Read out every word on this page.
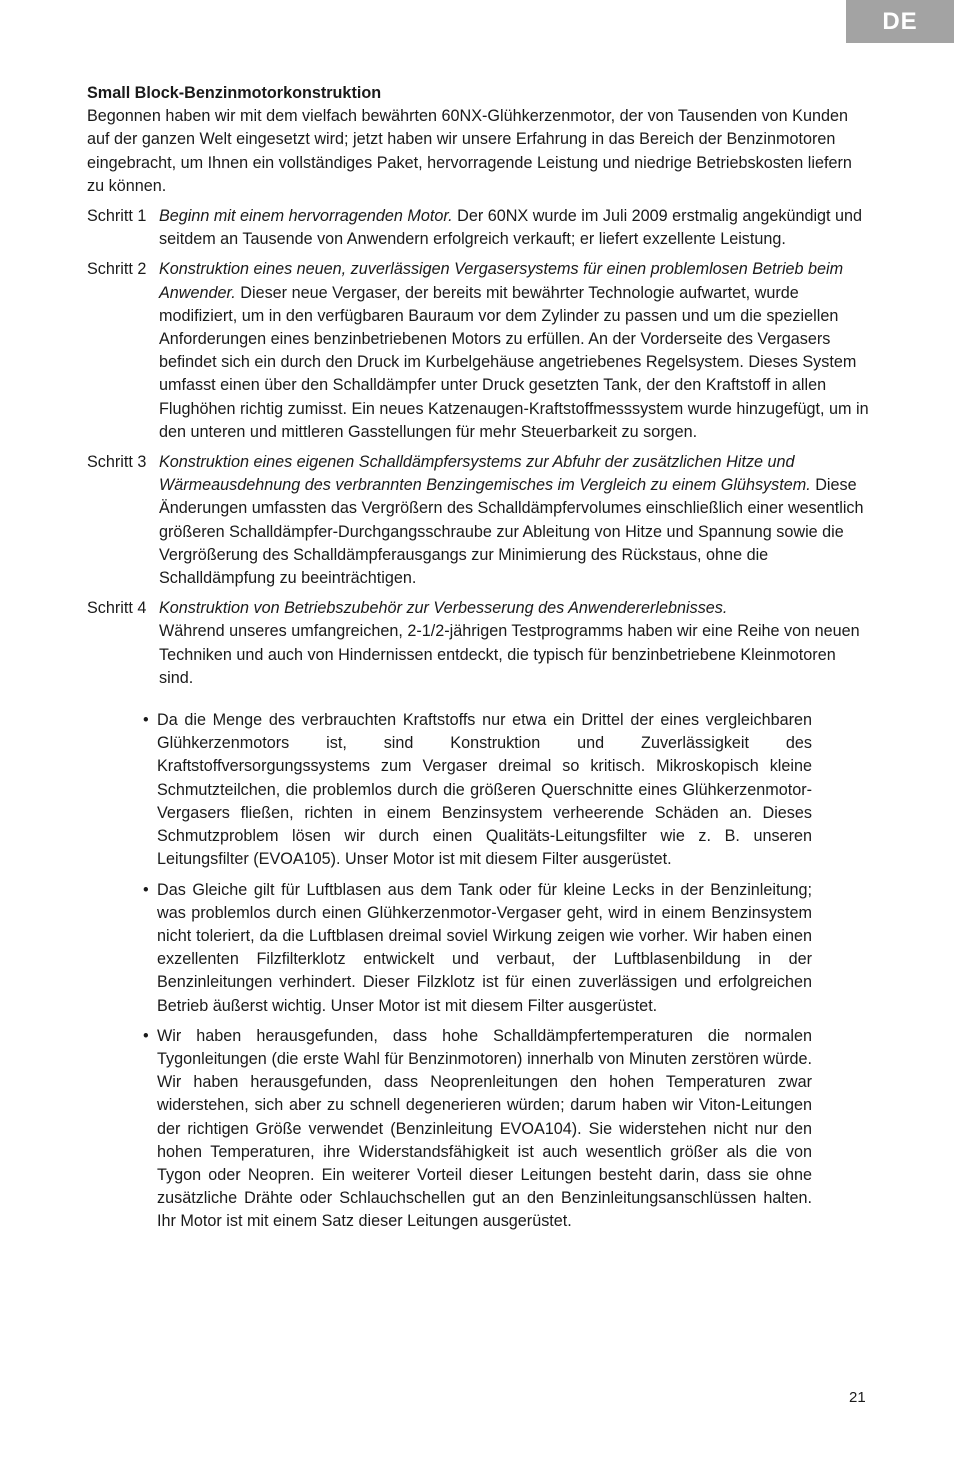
DE

Small Block-Benzinmotorkonstruktion

Begonnen haben wir mit dem vielfach bewährten 60NX-Glühkerzenmotor, der von Tausenden von Kunden auf der ganzen Welt eingesetzt wird; jetzt haben wir unsere Erfahrung in das Bereich der Benzinmotoren eingebracht, um Ihnen ein vollständiges Paket, hervorragende Leistung und niedrige Betriebskosten liefern zu können.

Schritt 1 Beginn mit einem hervorragenden Motor. Der 60NX wurde im Juli 2009 erstmalig angekündigt und seitdem an Tausende von Anwendern erfolgreich verkauft; er liefert exzellente Leistung.
Schritt 2 Konstruktion eines neuen, zuverlässigen Vergasersystems für einen problemlosen Betrieb beim Anwender. Dieser neue Vergaser, der bereits mit bewährter Technologie aufwartet, wurde modifiziert, um in den verfügbaren Bauraum vor dem Zylinder zu passen und um die speziellen Anforderungen eines benzinbetriebenen Motors zu erfüllen. An der Vorderseite des Vergasers befindet sich ein durch den Druck im Kurbelgehäuse angetriebenes Regelsystem. Dieses System umfasst einen über den Schalldämpfer unter Druck gesetzten Tank, der den Kraftstoff in allen Flughöhen richtig zumisst. Ein neues Katzenaugen-Kraftstoffmesssystem wurde hinzugefügt, um in den unteren und mittleren Gasstellungen für mehr Steuerbarkeit zu sorgen.
Schritt 3 Konstruktion eines eigenen Schalldämpfersystems zur Abfuhr der zusätzlichen Hitze und Wärmeausdehnung des verbrannten Benzingemisches im Vergleich zu einem Glühsystem. Diese Änderungen umfassten das Vergrößern des Schalldämpfervolumes einschließlich einer wesentlich größeren Schalldämpfer-Durchgangsschraube zur Ableitung von Hitze und Spannung sowie die Vergrößerung des Schalldämpferausgangs zur Minimierung des Rückstaus, ohne die Schalldämpfung zu beeinträchtigen.
Schritt 4 Konstruktion von Betriebszubehör zur Verbesserung des Anwendererlebnisses.
Während unseres umfangreichen, 2-1/2-jährigen Testprogramms haben wir eine Reihe von neuen Techniken und auch von Hindernissen entdeckt, die typisch für benzinbetriebene Kleinmotoren sind.
• Da die Menge des verbrauchten Kraftstoffs nur etwa ein Drittel der eines vergleichbaren Glühkerzenmotors ist, sind Konstruktion und Zuverlässigkeit des Kraftstoffversorgungssystems zum Vergaser dreimal so kritisch. Mikroskopisch kleine Schmutzteilchen, die problemlos durch die größeren Querschnitte eines Glühkerzenmotor-Vergasers fließen, richten in einem Benzinsystem verheerende Schäden an. Dieses Schmutzproblem lösen wir durch einen Qualitäts-Leitungsfilter wie z. B. unseren Leitungsfilter (EVOA105). Unser Motor ist mit diesem Filter ausgerüstet.
• Das Gleiche gilt für Luftblasen aus dem Tank oder für kleine Lecks in der Benzinleitung; was problemlos durch einen Glühkerzenmotor-Vergaser geht, wird in einem Benzinsystem nicht toleriert, da die Luftblasen dreimal soviel Wirkung zeigen wie vorher. Wir haben einen exzellenten Filzfilterklotz entwickelt und verbaut, der Luftblasenbildung in der Benzinleitungen verhindert. Dieser Filzklotz ist für einen zuverlässigen und erfolgreichen Betrieb äußerst wichtig. Unser Motor ist mit diesem Filter ausgerüstet.
• Wir haben herausgefunden, dass hohe Schalldämpfertemperaturen die normalen Tygonleitungen (die erste Wahl für Benzinmotoren) innerhalb von Minuten zerstören würde. Wir haben herausgefunden, dass Neoprenleitungen den hohen Temperaturen zwar widerstehen, sich aber zu schnell degenerieren würden; darum haben wir Viton-Leitungen der richtigen Größe verwendet (Benzinleitung EVOA104). Sie widerstehen nicht nur den hohen Temperaturen, ihre Widerstandsfähigkeit ist auch wesentlich größer als die von Tygon oder Neopren. Ein weiterer Vorteil dieser Leitungen besteht darin, dass sie ohne zusätzliche Drähte oder Schlauchschellen gut an den Benzinleitungsanschlüssen halten. Ihr Motor ist mit einem Satz dieser Leitungen ausgerüstet.
21
